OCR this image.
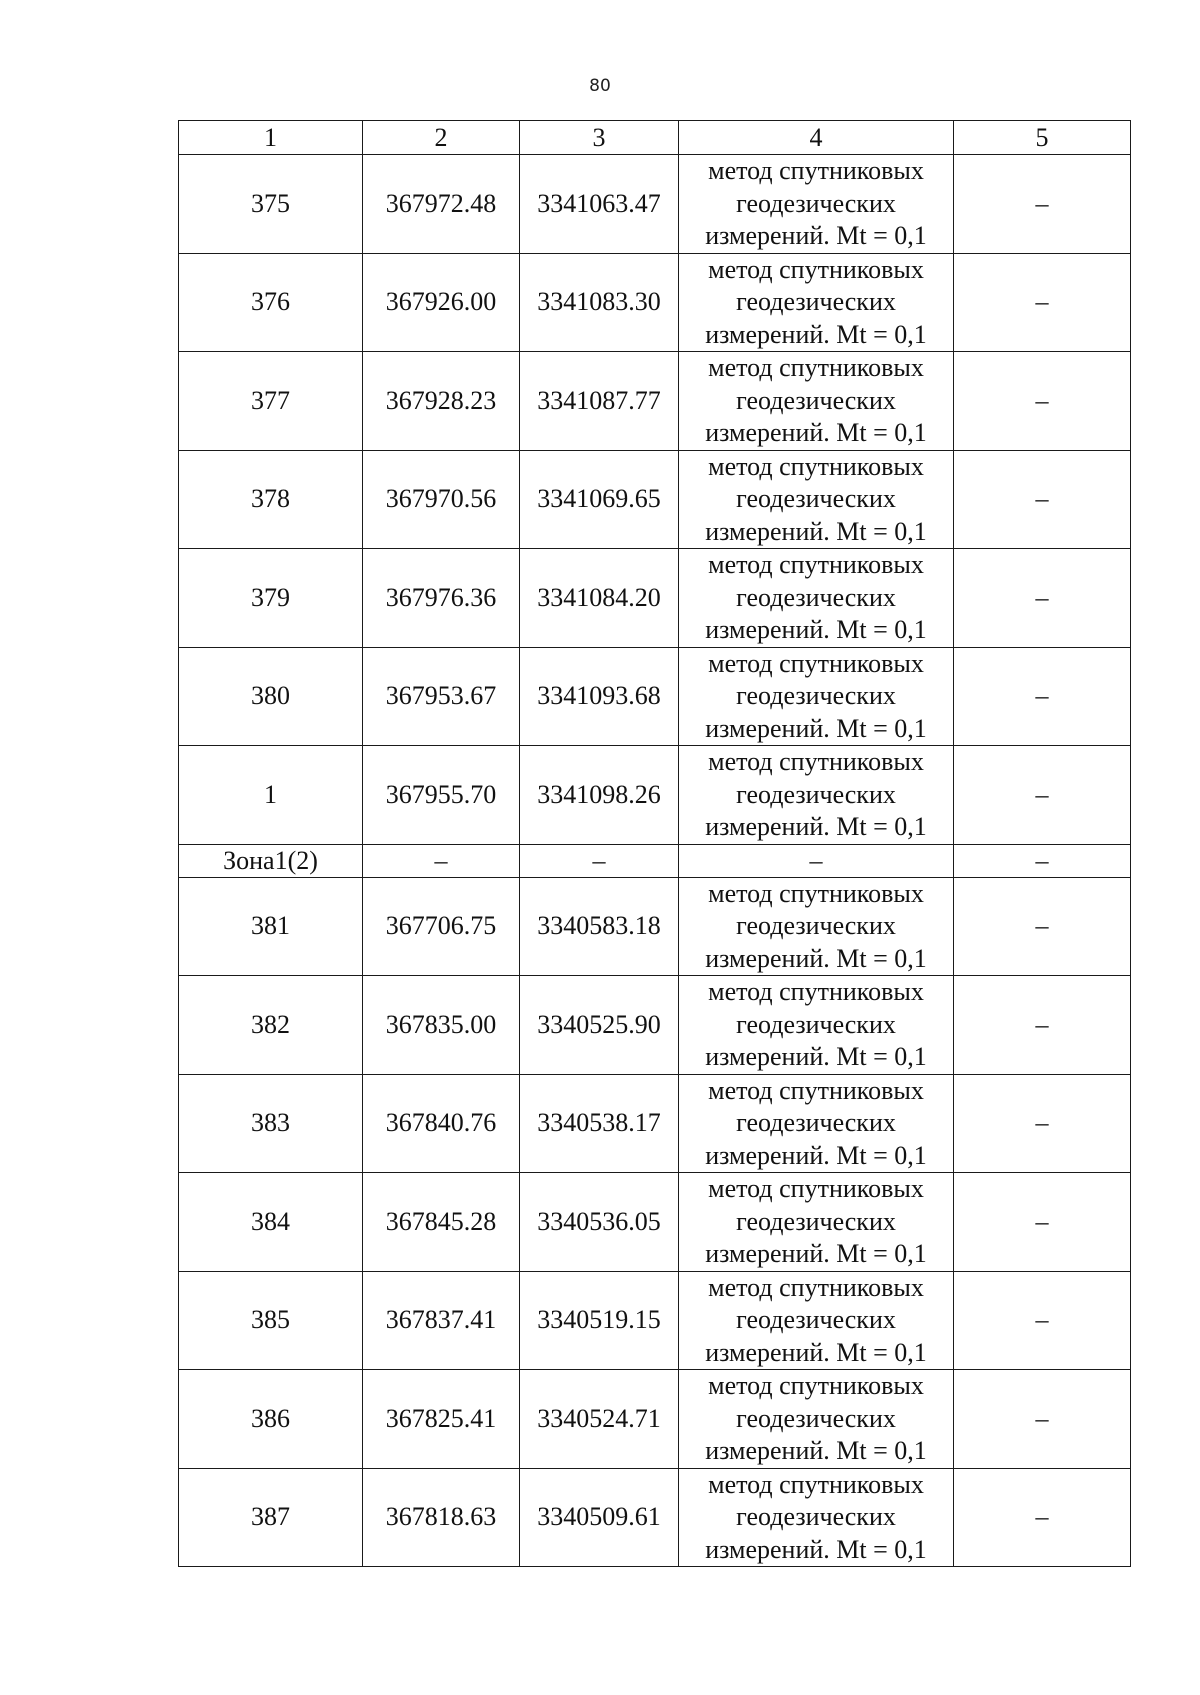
80
1	2	3	4	5
375	367972.48	3341063.47	метод спутниковых
геодезических
измерений. Mt = 0,1	–
376	367926.00	3341083.30	метод спутниковых
геодезических
измерений. Mt = 0,1	–
377	367928.23	3341087.77	метод спутниковых
геодезических
измерений. Mt = 0,1	–
378	367970.56	3341069.65	метод спутниковых
геодезических
измерений. Mt = 0,1	–
379	367976.36	3341084.20	метод спутниковых
геодезических
измерений. Mt = 0,1	–
380	367953.67	3341093.68	метод спутниковых
геодезических
измерений. Mt = 0,1	–
1	367955.70	3341098.26	метод спутниковых
геодезических
измерений. Mt = 0,1	–
Зона1(2)	–	–	–	–
381	367706.75	3340583.18	метод спутниковых
геодезических
измерений. Mt = 0,1	–
382	367835.00	3340525.90	метод спутниковых
геодезических
измерений. Mt = 0,1	–
383	367840.76	3340538.17	метод спутниковых
геодезических
измерений. Mt = 0,1	–
384	367845.28	3340536.05	метод спутниковых
геодезических
измерений. Mt = 0,1	–
385	367837.41	3340519.15	метод спутниковых
геодезических
измерений. Mt = 0,1	–
386	367825.41	3340524.71	метод спутниковых
геодезических
измерений. Mt = 0,1	–
387	367818.63	3340509.61	метод спутниковых
геодезических
измерений. Mt = 0,1	–
